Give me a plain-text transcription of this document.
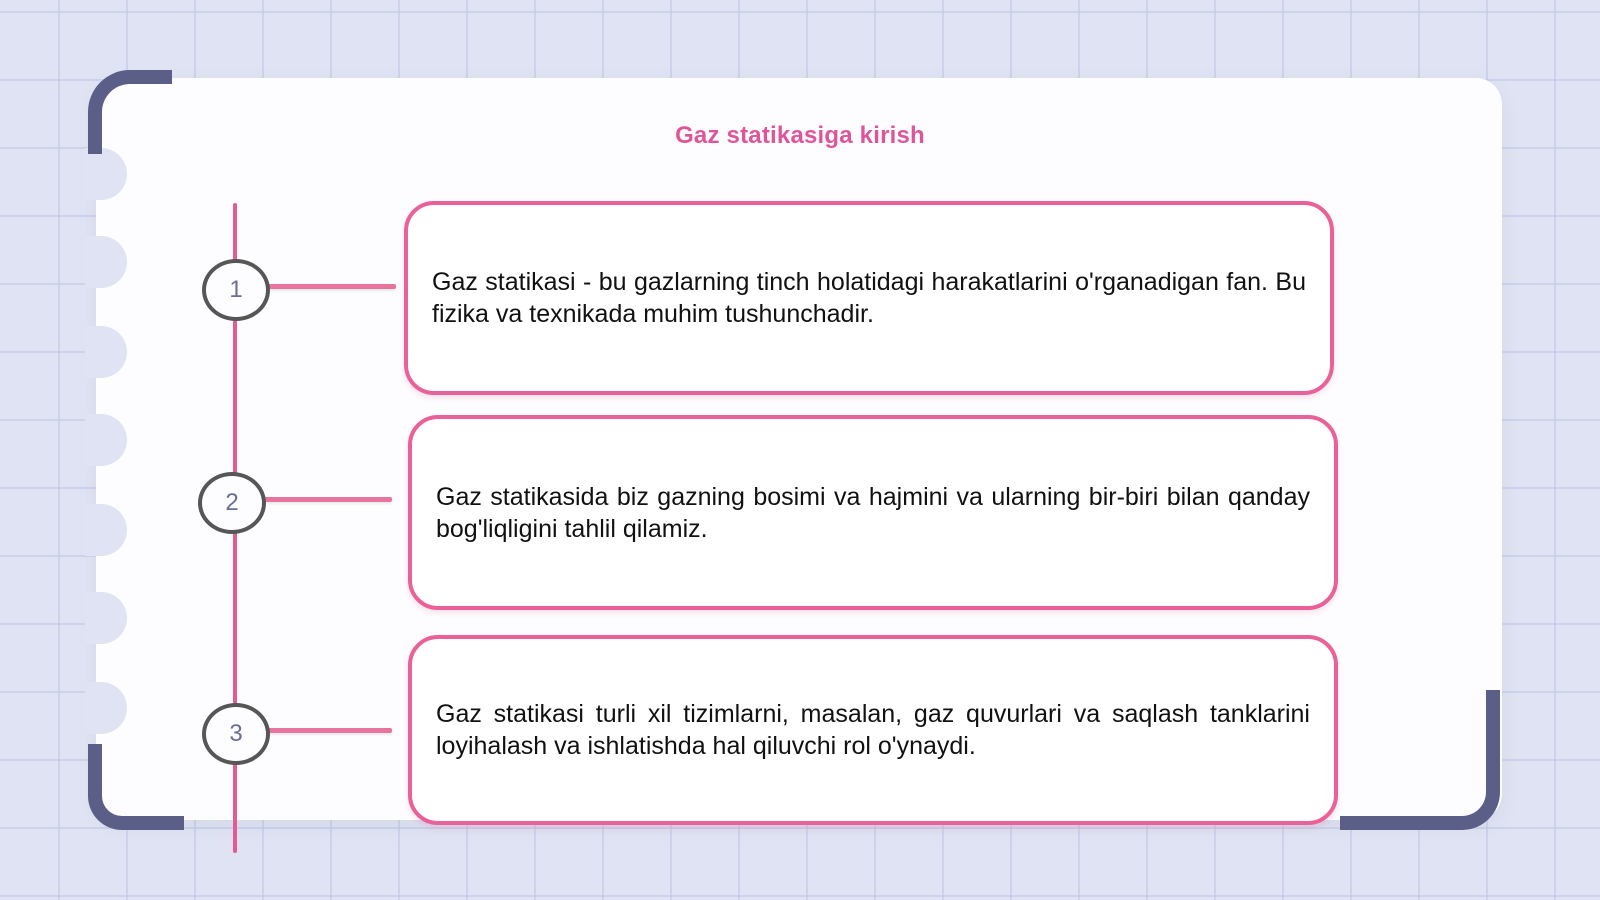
Gaz statikasiga kirish
1	Gaz statikasi - bu gazlarning tinch holatidagi harakatlarini o'rganadigan fan. Bu fizika va texnikada muhim tushunchadir.

2	Gaz statikasida biz gazning bosimi va hajmini va ularning bir-biri bilan qanday bog'liqligini tahlil qilamiz.

3

Gaz statikasi turli xil tizimlarni, masalan, gaz quvurlari va saqlash tanklarini loyihalash va ishlatishda hal qiluvchi rol o'ynaydi.
